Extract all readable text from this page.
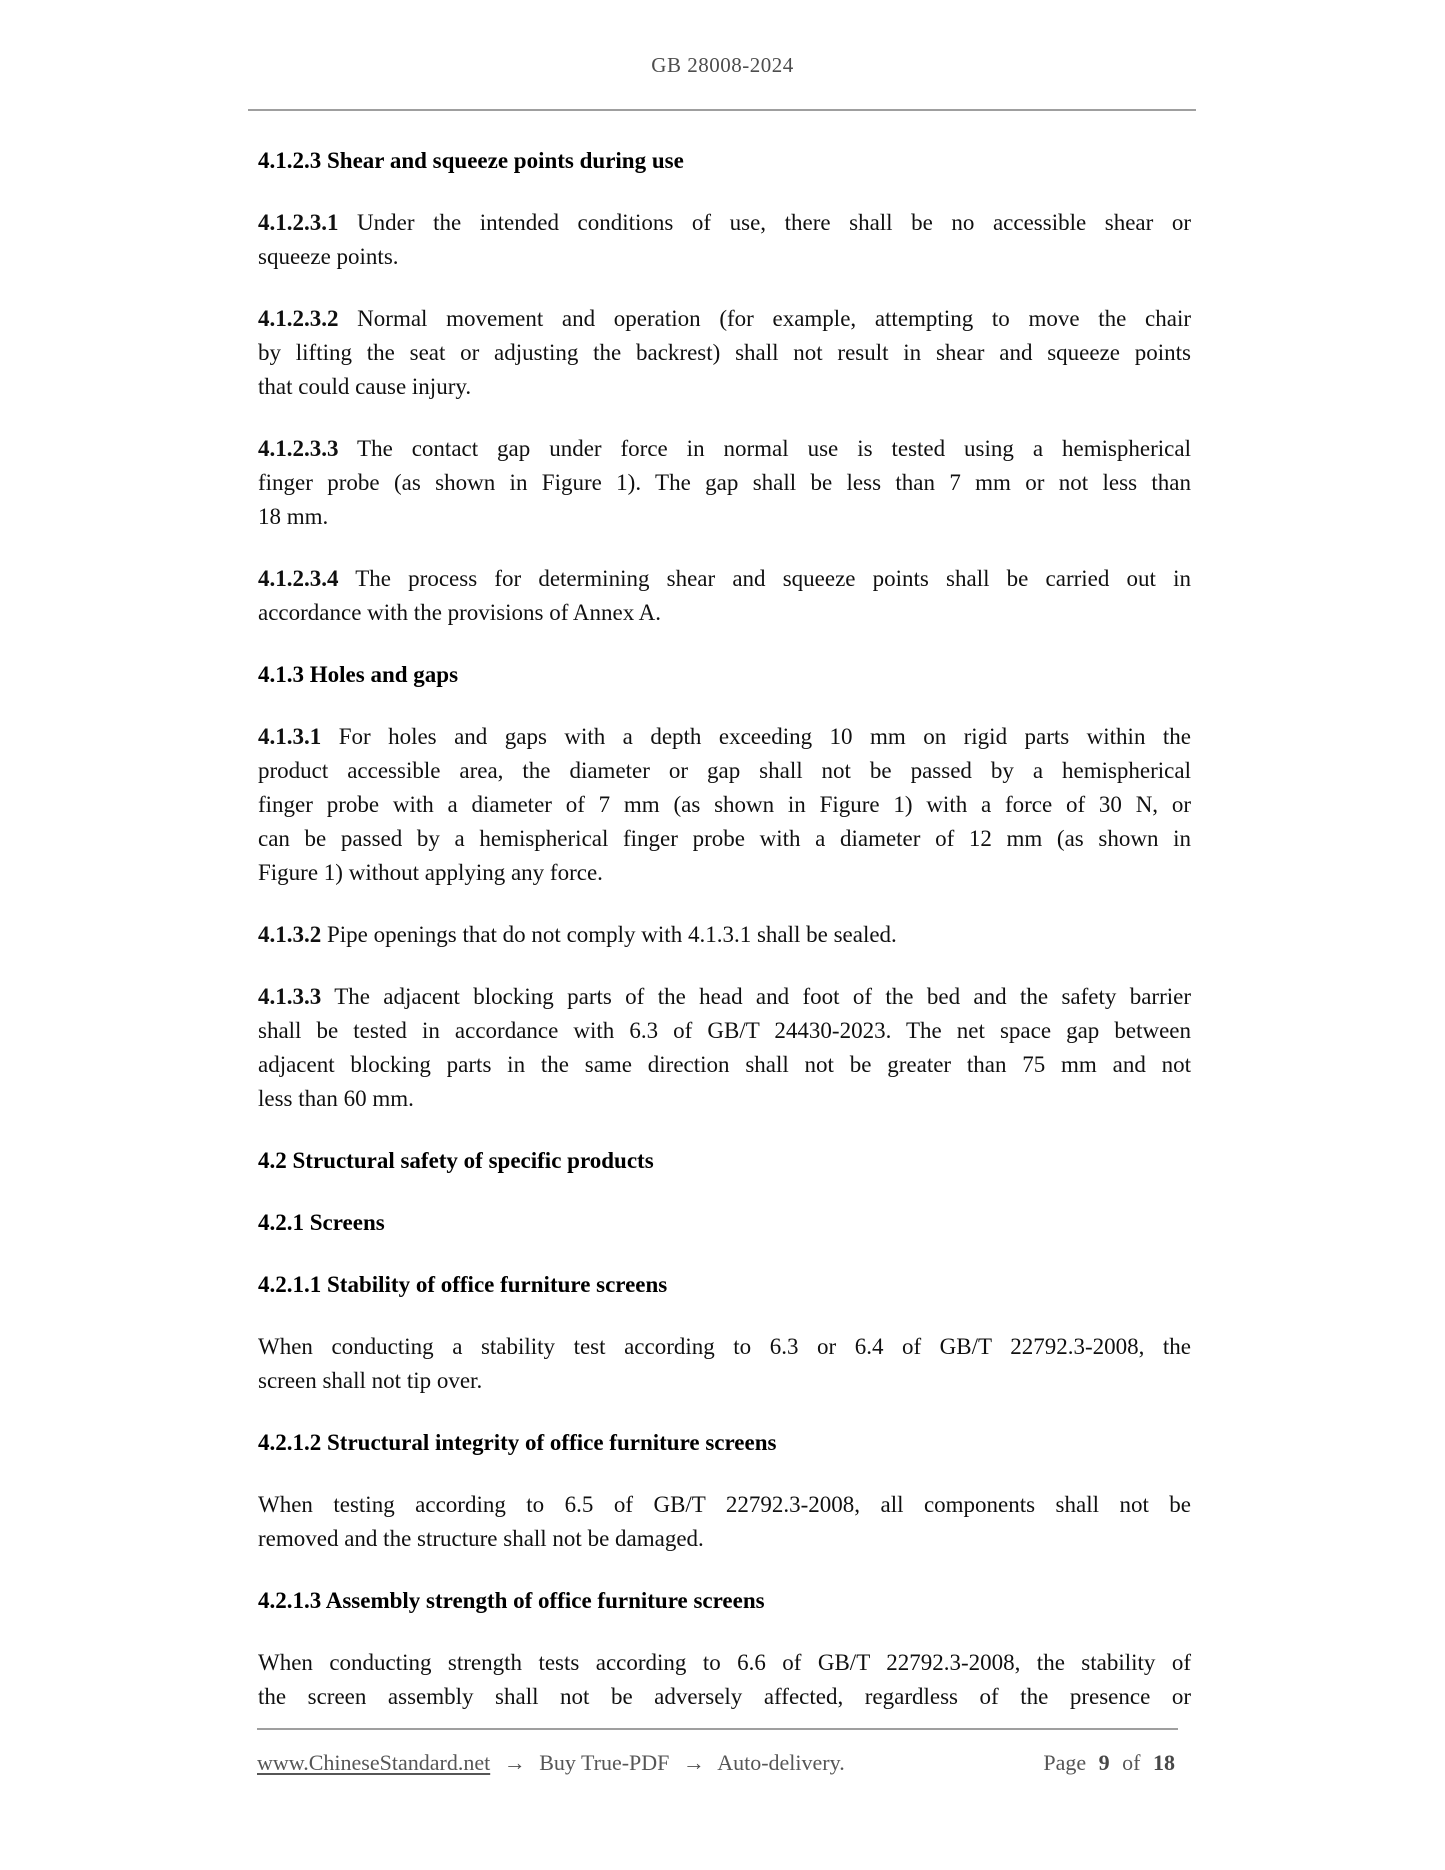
GB 28008-2024
4.1.2.3 Shear and squeeze points during use
4.1.2.3.1 Under the intended conditions of use, there shall be no accessible shear or
squeeze points.
4.1.2.3.2 Normal movement and operation (for example, attempting to move the chair
by lifting the seat or adjusting the backrest) shall not result in shear and squeeze points
that could cause injury.
4.1.2.3.3 The contact gap under force in normal use is tested using a hemispherical
finger probe (as shown in Figure 1). The gap shall be less than 7 mm or not less than
18 mm.
4.1.2.3.4 The process for determining shear and squeeze points shall be carried out in
accordance with the provisions of Annex A.
4.1.3 Holes and gaps
4.1.3.1 For holes and gaps with a depth exceeding 10 mm on rigid parts within the
product accessible area, the diameter or gap shall not be passed by a hemispherical
finger probe with a diameter of 7 mm (as shown in Figure 1) with a force of 30 N, or
can be passed by a hemispherical finger probe with a diameter of 12 mm (as shown in
Figure 1) without applying any force.
4.1.3.2 Pipe openings that do not comply with 4.1.3.1 shall be sealed.
4.1.3.3 The adjacent blocking parts of the head and foot of the bed and the safety barrier
shall be tested in accordance with 6.3 of GB/T 24430-2023. The net space gap between
adjacent blocking parts in the same direction shall not be greater than 75 mm and not
less than 60 mm.
4.2 Structural safety of specific products
4.2.1 Screens
4.2.1.1 Stability of office furniture screens
When conducting a stability test according to 6.3 or 6.4 of GB/T 22792.3-2008, the
screen shall not tip over.
4.2.1.2 Structural integrity of office furniture screens
When testing according to 6.5 of GB/T 22792.3-2008, all components shall not be
removed and the structure shall not be damaged.
4.2.1.3 Assembly strength of office furniture screens
When conducting strength tests according to 6.6 of GB/T 22792.3-2008, the stability of
the screen assembly shall not be adversely affected, regardless of the presence or
www.ChineseStandard.net → Buy True-PDF → Auto-delivery.	Page 9 of 18
